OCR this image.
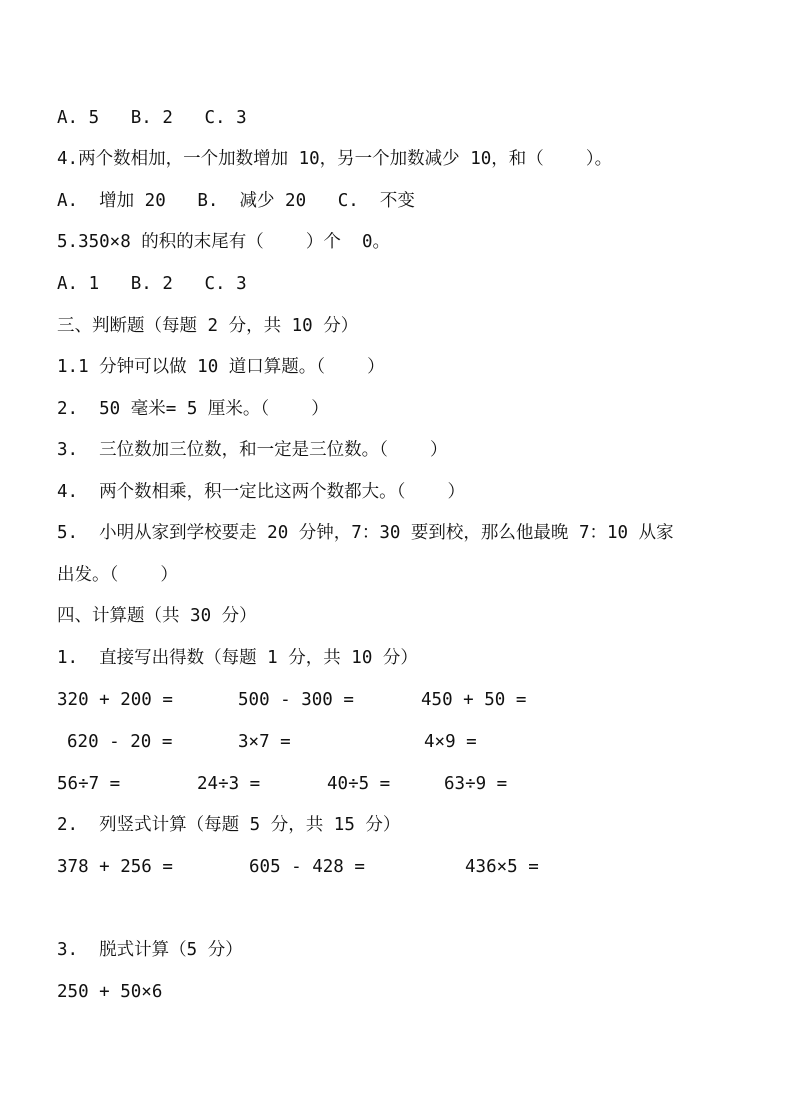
A. 5   B. 2   C. 3

4.两个数相加，一个加数增加 10，另一个加数减少 10，和（    ）。

A.  增加 20   B.  减少 20   C.  不变

5.350×8 的积的末尾有（    ）个  0。

A. 1   B. 2   C. 3

三、判断题（每题 2 分，共 10 分）

1.1 分钟可以做 10 道口算题。（    ）

2.  50 毫米= 5 厘米。（    ）

3.  三位数加三位数，和一定是三位数。（    ）

4.  两个数相乘，积一定比这两个数都大。（    ）

5.  小明从家到学校要走 20 分钟，7：30 要到校，那么他最晚 7：10 从家

出发。（    ）

四、计算题（共 30 分）

1.  直接写出得数（每题 1 分，共 10 分）

320 + 200 =	500 - 300 =	450 + 50 =
620 - 20 =	3×7 =	4×9 =
56÷7 =	24÷3 =	40÷5 =	63÷9 =

2.  列竖式计算（每题 5 分，共 15 分）

378 + 256 =	605 - 428 =	436×5 =

3.  脱式计算（5 分）

250 + 50×6
